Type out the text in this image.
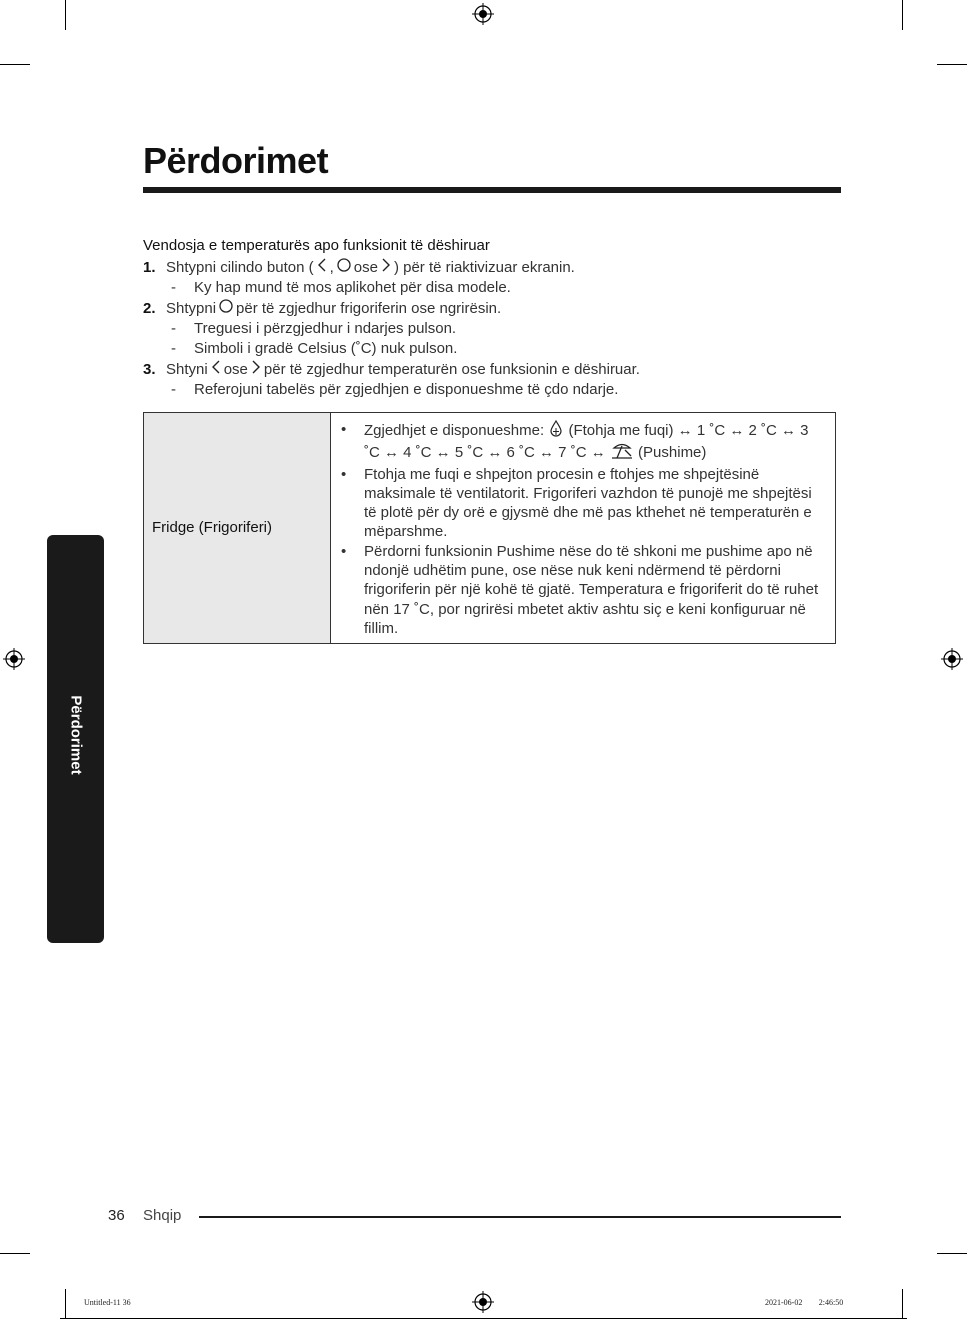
Përdorimet
Vendosja e temperaturës apo funksionit të dëshiruar
1. Shtypni cilindo buton ( , ose ) për të riaktivizuar ekranin.
-	Ky hap mund të mos aplikohet për disa modele.
2. Shtypni për të zgjedhur frigoriferin ose ngrirësin.
-	Treguesi i përzgjedhur i ndarjes pulson.
-	Simboli i gradë Celsius (˚C) nuk pulson.
3. Shtyni ose për të zgjedhur temperaturën ose funksionin e dëshiruar.
-	Referojuni tabelës për zgjedhjen e disponueshme të çdo ndarje.
Fridge (Frigoriferi)	
•	Zgjedhjet e disponueshme: (Ftohja me fuqi) ↔ 1 ˚C ↔ 2 ˚C ↔ 3 ˚C ↔ 4 ˚C ↔ 5 ˚C ↔ 6 ˚C ↔ 7 ˚C ↔ (Pushime)
•	Ftohja me fuqi e shpejton procesin e ftohjes me shpejtësinë maksimale të ventilatorit. Frigoriferi vazhdon të punojë me shpejtësi të plotë për dy orë e gjysmë dhe më pas kthehet në temperaturën e mëparshme.
•	Përdorni funksionin Pushime nëse do të shkoni me pushime apo në ndonjë udhëtim pune, ose nëse nuk keni ndërmend të përdorni frigoriferin për një kohë të gjatë. Temperatura e frigoriferit do të ruhet nën 17 ˚C, por ngrirësi mbetet aktiv ashtu siç e keni konfiguruar në fillim.
Përdorimet
36 Shqip
Untitled-11 36	2021-06-02 ￿￿ 2:46:50
